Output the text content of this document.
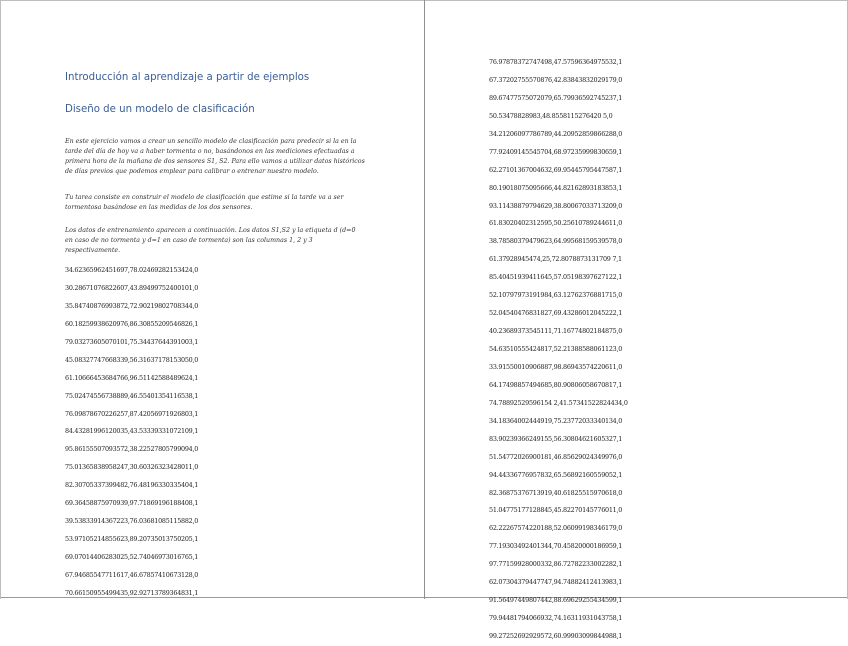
Introducción al aprendizaje a partir de ejemplos
Diseño de un modelo de clasificación
En este ejercicio vamos a crear un sencillo modelo de clasificación para predecir si la en la tarde del día de hoy va a haber tormenta o no, basándonos en las mediciones efectuadas a primera hora de la mañana de dos sensores S1, S2. Para ello vamos a utilizar datos históricos de días previos que podemos emplear para calibrar o entrenar nuestro modelo.
Tu tarea consiste en construir el modelo de clasificación que estime si la tarde va a ser tormentosa basándose en las medidas de los dos sensores.
Los datos de entrenamiento aparecen a continuación. Los datos S1,S2 y la etiqueta d (d=0 en caso de no tormenta y d=1 en caso de tormenta) son las columnas 1, 2 y 3 respectivamente.
34.62365962451697,78.02469282153424,0
30.28671076822607,43.89499752400101,0
35.84740876993872,72.90219802708344,0
60.18259938620976,86.30855209546826,1
79.03273605070101,75.34437644391003,1
45.08327747668339,56.31637178153050,0
61.10666453684766,96.51142588489624,1
75.02474556738889,46.55401354116538,1
76.09878670226257,87.42056971926803,1
84.43281996120035,43.53339331072109,1
95.86155507093572,38.22527805799094,0
75.01365838958247,30.60326323428011,0
82.30705337399482,76.48196330335404,1
69.36458875970939,97.71869196188408,1
39.53833914367223,76.03681085115882,0
53.97105214855623,89.20735013750205,1
69.07014406283025,52.74046973016765,1
67.94685547711617,46.67857410673128,0
70.66150955499435,92.92713789364831,1
76.97878372747498,47.57596364975532,1
67.37202755570876,42.83843832029179,0
89.67477575072079,65.79936592745237,1
50.53478828983,48.8558115276420 5,0
34.21206097786789,44.20952859866288,0
77.92409145545704,68.97235999830659,1
62.27101367004632,69.95445795447587,1
80.19018075095666,44.82162893183853,1
93.11438879794629,38.80067033713209,0
61.83020402312595,50.25610789244611,0
38.78580379479623,64.99568159539578,0
61.37928945474,25,72.8078873131709 7,1
85.40451939411645,57.05198397627122,1
52.10797973191984,63.12762376881715,0
52.04540476831827,69.43286012045222,1
40.23689373545111,71.16774802184875,0
54.63510555424817,52.21388588061123,0
33.91550010906887,98.86943574220611,0
64.17498857494685,80.90806058670817,1
74.78892529596154 2,41.57341522824434,0
34.18364002444919,75.23772033340134,0
83.90239366249155,56.30804621605327,1
51.54772026900181,46.85629024349976,0
94.44336776957832,65.56892160559052,1
82.36875376713919,40.61825515970618,0
51.04775177128845,45.82270145776011,0
62.22267574220188,52.06099198346179,0
77.19303492401344,70.45820000186959,1
97.77159928000332,86.72782233002282,1
62.07304379447747,94.74882412413983,1
91.56497449807442,88.69629255434599,1
79.94481794066932,74.16311931043758,1
99.27252692929572,60.99903099844988,1
